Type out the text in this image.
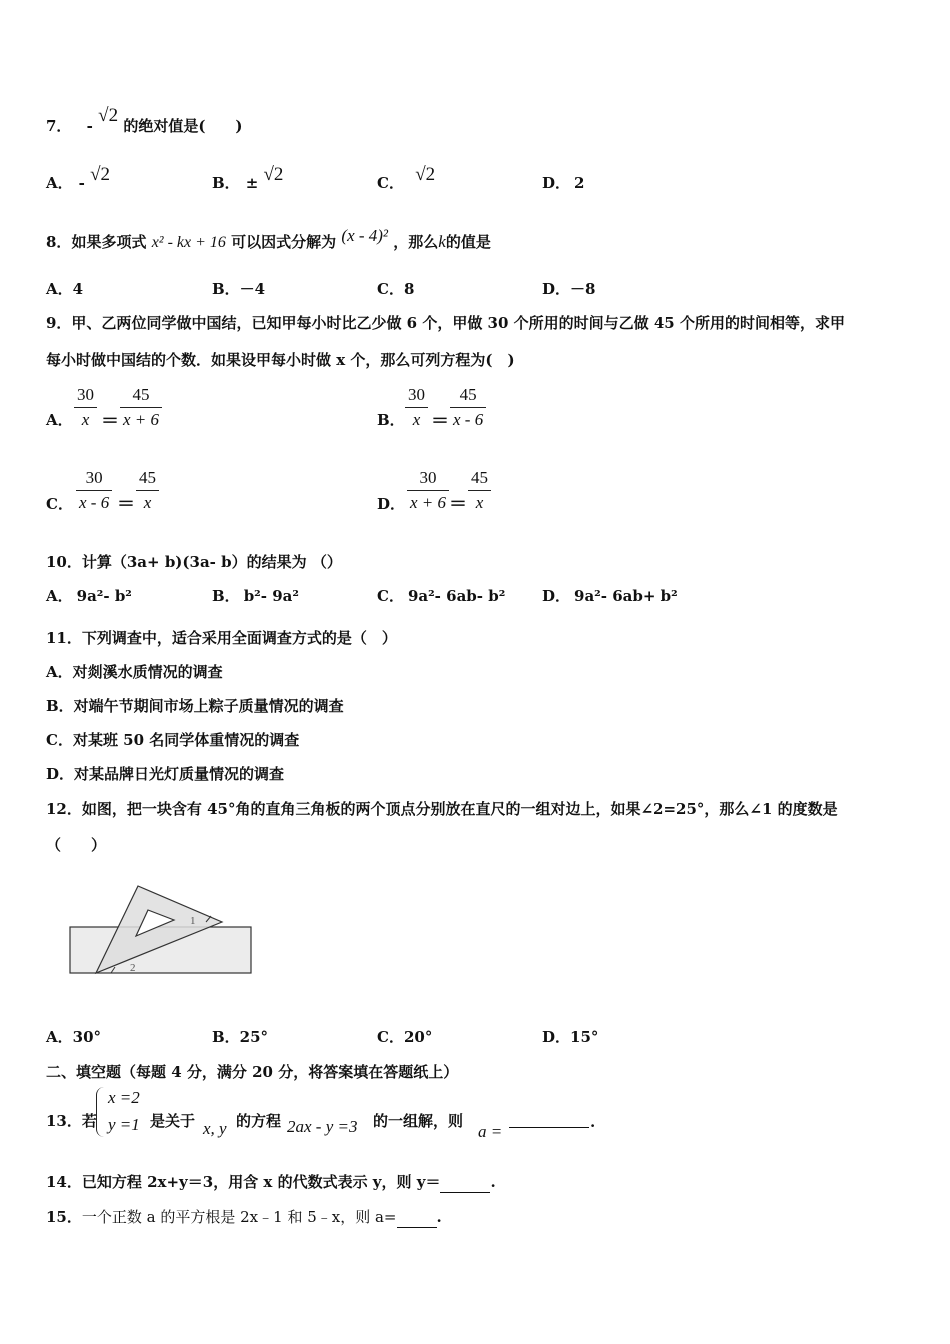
7． - √2 的绝对值是(　　)
A． - √2	B． ± √2	C． √2	D． 2
8．如果多项式 x² - kx + 16 可以因式分解为 (x - 4)² ，那么k的值是
A．4	B．－4	C．8	D．－8
9．甲、乙两位同学做中国结，已知甲每小时比乙少做 6 个，甲做 30 个所用的时间与乙做 45 个所用的时间相等，求甲
每小时做中国结的个数．如果设甲每小时做 x 个，那么可列方程为(　)
A． $\frac{30}{x} = \frac{45}{x + 6}$	B． $\frac{30}{x} = \frac{45}{x - 6}$
C． $\frac{30}{x - 6} = \frac{45}{x}$	D． $\frac{30}{x + 6} = \frac{45}{x}$
10．计算（3a+ b)(3a- b）的结果为 （）
A． 9a²- b²	B． b²- 9a²	C． 9a²- 6ab- b² D． 9a²- 6ab+ b²
11．下列调查中，适合采用全面调查方式的是（　）
A．对剡溪水质情况的调查
B．对端午节期间市场上粽子质量情况的调查
C．对某班 50 名同学体重情况的调查
D．对某品牌日光灯质量情况的调查
12．如图，把一块含有 45°角的直角三角板的两个顶点分别放在直尺的一组对边上，如果∠2=25°，那么∠1 的度数是
（　　）
1
2
A．30°	B．25°	C．20°	D．15°
二、填空题（每题 4 分，满分 20 分，将答案填在答题纸上）
13．若
x =2
y =1 是关于 x, y 的方程 2ax - y =3 的一组解，则
a =	.
14．已知方程 2x+y＝3，用含 x 的代数式表示 y，则 y＝	.
15．一个正数 a 的平方根是 2x﹣1 和 5﹣x，则 a=	.
